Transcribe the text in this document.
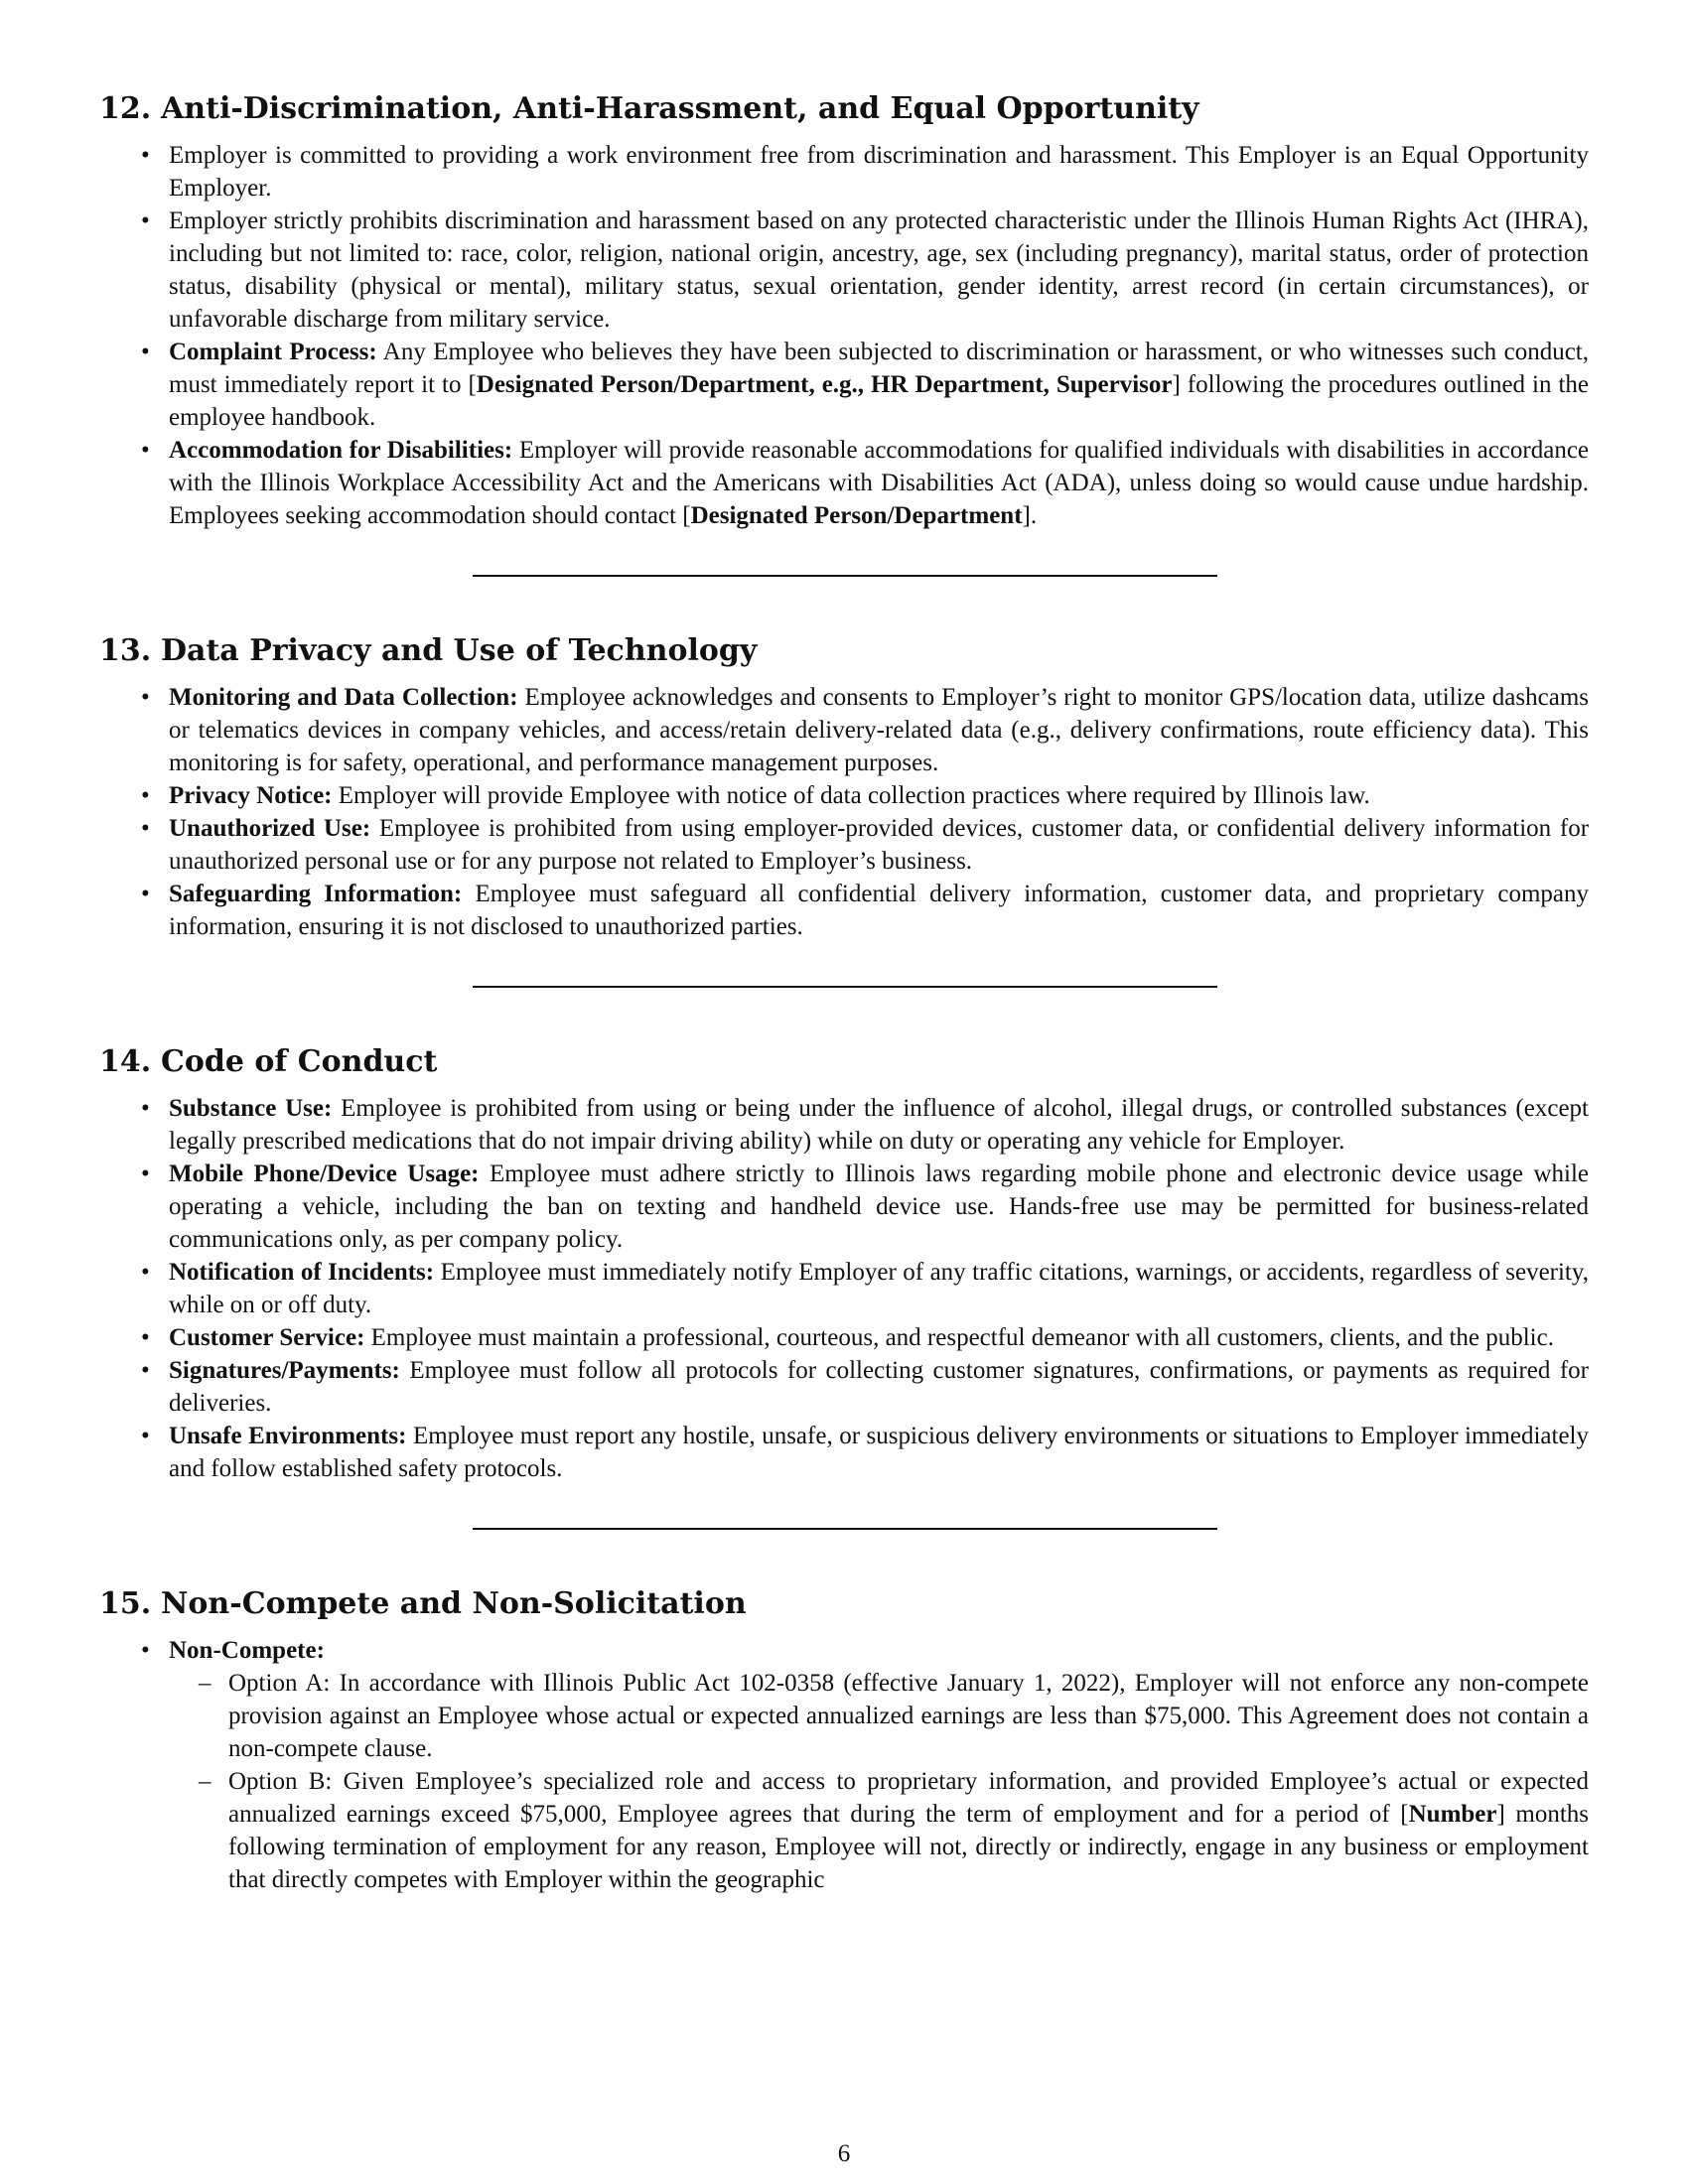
12. Anti-Discrimination, Anti-Harassment, and Equal Opportunity
• Employer is committed to providing a work environment free from discrimination and harassment. This Employer is an Equal Opportunity Employer.
• Employer strictly prohibits discrimination and harassment based on any protected characteristic under the Illinois Human Rights Act (IHRA), including but not limited to: race, color, religion, national origin, ancestry, age, sex (including pregnancy), marital status, order of protection status, disability (physical or mental), military status, sexual orientation, gender identity, arrest record (in certain circumstances), or unfavorable discharge from military service.
• Complaint Process: Any Employee who believes they have been subjected to discrimination or harassment, or who witnesses such conduct, must immediately report it to [Designated Person/Department, e.g., HR Department, Supervisor] following the procedures outlined in the employee handbook.
• Accommodation for Disabilities: Employer will provide reasonable accommodations for qualified individuals with disabilities in accordance with the Illinois Workplace Accessibility Act and the Americans with Disabilities Act (ADA), unless doing so would cause undue hardship. Employees seeking accommodation should contact [Designated Person/Department].
13. Data Privacy and Use of Technology
• Monitoring and Data Collection: Employee acknowledges and consents to Employer’s right to monitor GPS/location data, utilize dashcams or telematics devices in company vehicles, and access/retain delivery-related data (e.g., delivery confirmations, route efficiency data). This monitoring is for safety, operational, and performance management purposes.
• Privacy Notice: Employer will provide Employee with notice of data collection practices where required by Illinois law.
• Unauthorized Use: Employee is prohibited from using employer-provided devices, customer data, or confidential delivery information for unauthorized personal use or for any purpose not related to Employer’s business.
• Safeguarding Information: Employee must safeguard all confidential delivery information, customer data, and proprietary company information, ensuring it is not disclosed to unauthorized parties.
14. Code of Conduct
• Substance Use: Employee is prohibited from using or being under the influence of alcohol, illegal drugs, or controlled substances (except legally prescribed medications that do not impair driving ability) while on duty or operating any vehicle for Employer.
• Mobile Phone/Device Usage: Employee must adhere strictly to Illinois laws regarding mobile phone and electronic device usage while operating a vehicle, including the ban on texting and handheld device use. Hands-free use may be permitted for business-related communications only, as per company policy.
• Notification of Incidents: Employee must immediately notify Employer of any traffic citations, warnings, or accidents, regardless of severity, while on or off duty.
• Customer Service: Employee must maintain a professional, courteous, and respectful demeanor with all customers, clients, and the public.
• Signatures/Payments: Employee must follow all protocols for collecting customer signatures, confirmations, or payments as required for deliveries.
• Unsafe Environments: Employee must report any hostile, unsafe, or suspicious delivery environments or situations to Employer immediately and follow established safety protocols.
15. Non-Compete and Non-Solicitation
• Non-Compete:
– Option A: In accordance with Illinois Public Act 102-0358 (effective January 1, 2022), Employer will not enforce any non-compete provision against an Employee whose actual or expected annualized earnings are less than $75,000. This Agreement does not contain a non-compete clause.
– Option B: Given Employee’s specialized role and access to proprietary information, and provided Employee’s actual or expected annualized earnings exceed $75,000, Employee agrees that during the term of employment and for a period of [Number] months following termination of employment for any reason, Employee will not, directly or indirectly, engage in any business or employment that directly competes with Employer within the geographic
6
